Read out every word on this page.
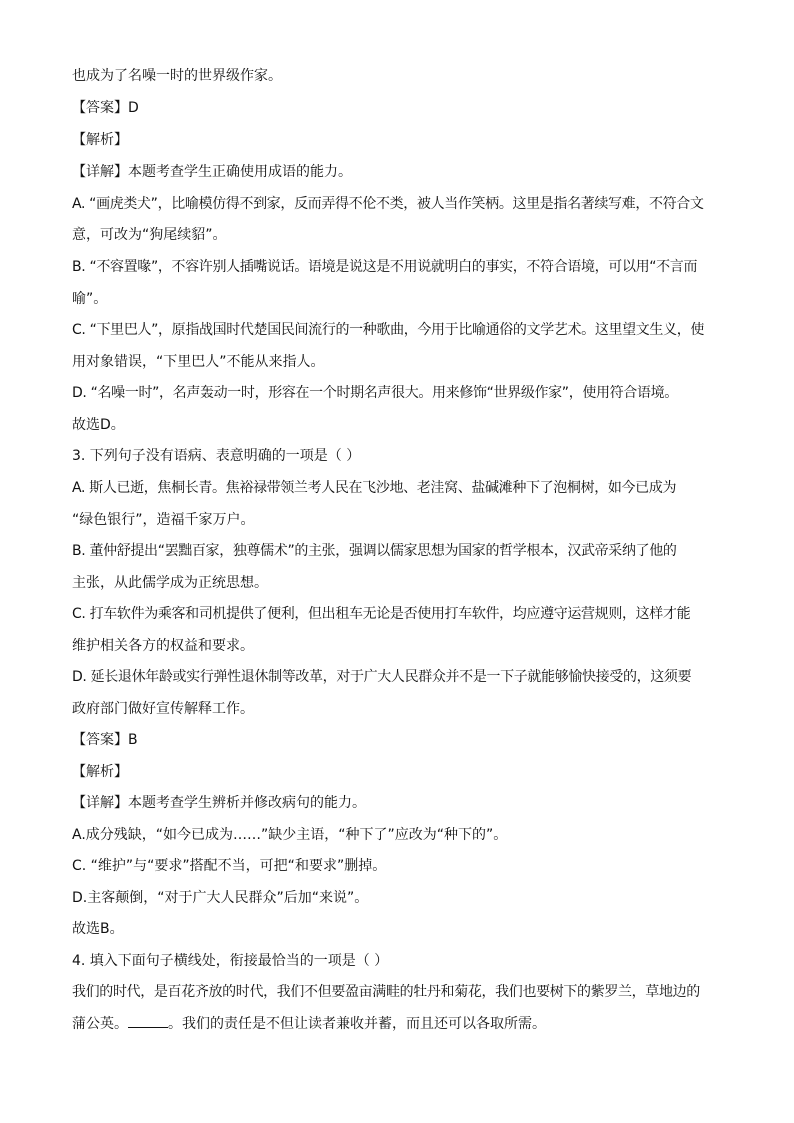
也成为了名噪一时的世界级作家。
【答案】D
【解析】
【详解】本题考查学生正确使用成语的能力。
A. “画虎类犬”，比喻模仿得不到家，反而弄得不伦不类，被人当作笑柄。这里是指名著续写难，不符合文
意，可改为“狗尾续貂”。
B. “不容置喙”，不容许别人插嘴说话。语境是说这是不用说就明白的事实，不符合语境，可以用“不言而
喻”。
C. “下里巴人”，原指战国时代楚国民间流行的一种歌曲，今用于比喻通俗的文学艺术。这里望文生义，使
用对象错误，“下里巴人”不能从来指人。
D. “名噪一时”，名声轰动一时，形容在一个时期名声很大。用来修饰“世界级作家”，使用符合语境。
故选D。
3. 下列句子没有语病、表意明确的一项是（ ）
A. 斯人已逝，焦桐长青。焦裕禄带领兰考人民在飞沙地、老洼窝、盐碱滩种下了泡桐树，如今已成为
“绿色银行”，造福千家万户。
B. 董仲舒提出“罢黜百家，独尊儒术”的主张，强调以儒家思想为国家的哲学根本，汉武帝采纳了他的
主张，从此儒学成为正统思想。
C. 打车软件为乘客和司机提供了便利，但出租车无论是否使用打车软件，均应遵守运营规则，这样才能
维护相关各方的权益和要求。
D. 延长退休年龄或实行弹性退休制等改革，对于广大人民群众并不是一下子就能够愉快接受的，这须要
政府部门做好宣传解释工作。
【答案】B
【解析】
【详解】本题考查学生辨析并修改病句的能力。
A.成分残缺，“如今已成为……”缺少主语，“种下了”应改为“种下的”。
C. “维护”与“要求”搭配不当，可把“和要求”删掉。
D.主客颠倒，“对于广大人民群众”后加“来说”。
故选B。
4. 填入下面句子横线处，衔接最恰当的一项是（ ）
我们的时代，是百花齐放的时代，我们不但要盈亩满畦的牡丹和菊花，我们也要树下的紫罗兰，草地边的
蒲公英。	。我们的责任是不但让读者兼收并蓄，而且还可以各取所需。
